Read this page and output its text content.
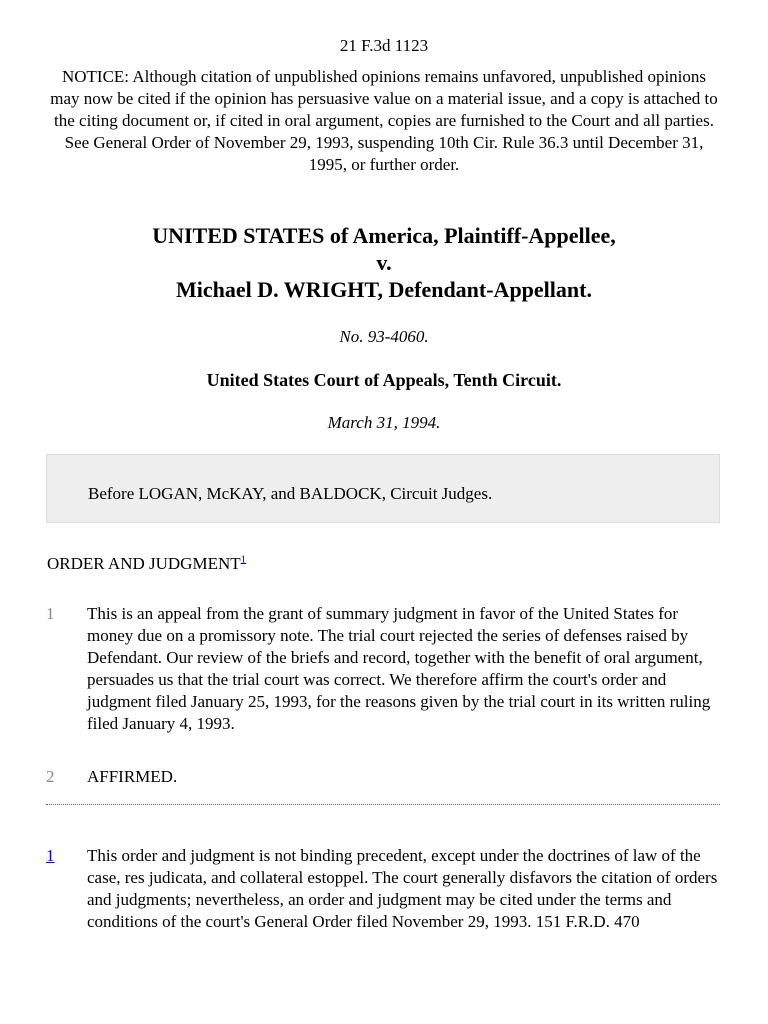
21 F.3d 1123
NOTICE: Although citation of unpublished opinions remains unfavored, unpublished opinions may now be cited if the opinion has persuasive value on a material issue, and a copy is attached to the citing document or, if cited in oral argument, copies are furnished to the Court and all parties. See General Order of November 29, 1993, suspending 10th Cir. Rule 36.3 until December 31, 1995, or further order.
UNITED STATES of America, Plaintiff-Appellee,
v.
Michael D. WRIGHT, Defendant-Appellant.
No. 93-4060.
United States Court of Appeals, Tenth Circuit.
March 31, 1994.
Before LOGAN, McKAY, and BALDOCK, Circuit Judges.
ORDER AND JUDGMENT$^1$
1 This is an appeal from the grant of summary judgment in favor of the United States for money due on a promissory note. The trial court rejected the series of defenses raised by Defendant. Our review of the briefs and record, together with the benefit of oral argument, persuades us that the trial court was correct. We therefore affirm the court's order and judgment filed January 25, 1993, for the reasons given by the trial court in its written ruling filed January 4, 1993.
2 AFFIRMED.
1 This order and judgment is not binding precedent, except under the doctrines of law of the case, res judicata, and collateral estoppel. The court generally disfavors the citation of orders and judgments; nevertheless, an order and judgment may be cited under the terms and conditions of the court's General Order filed November 29, 1993. 151 F.R.D. 470
